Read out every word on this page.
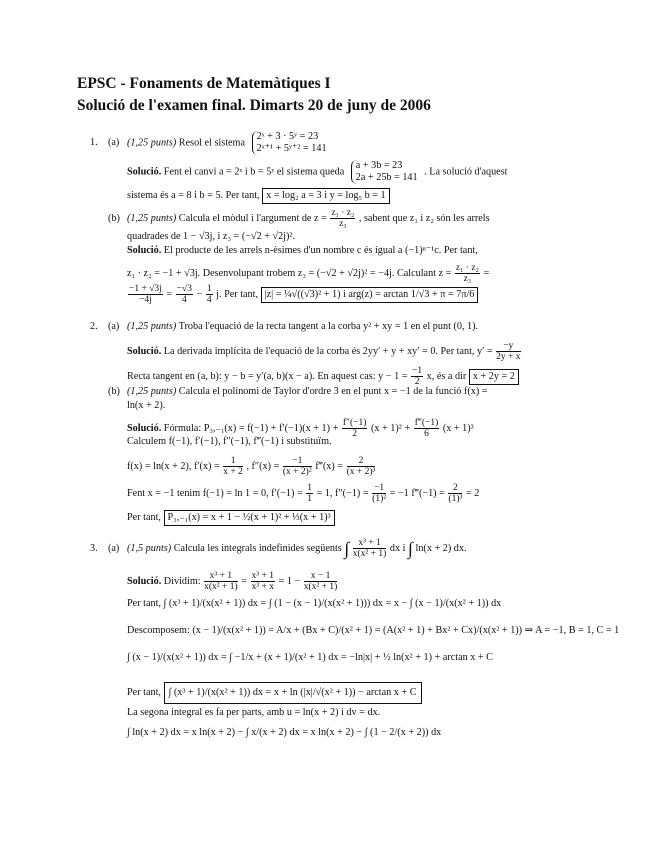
EPSC - Fonaments de Matemàtiques I
Solució de l'examen final. Dimarts 20 de juny de 2006
1. (a) (1,25 punts) Resol el sistema
2ˣ + 3 · 5ʸ = 23
2ˣ⁺¹ + 5ʸ⁺² = 141
Solució. Fent el canvi a = 2ˣ i b = 5ʸ el sistema queda
a + 3b = 23
2a + 25b = 141
. La solució d'aquest
sistema és a = 8 i b = 5. Per tant, x = log₂ a = 3 i y = log₅ b = 1
(b) (1,25 punts) Calcula el mòdul i l'argument de $z = \frac{\text{z₁ · z₂}}{\text{z₃}}$ , sabent que z₁ i z₂ són les arrels
quadrades de 1 − √3j, i z₃ = (−√2 + √2j)².
Solució. El producte de les arrels n-èsimes d'un nombre c és igual a (−1)ⁿ⁻¹c. Per tant,
z₁ · z₂ = −1 + √3j. Desenvolupant trobem z₃ = (−√2 + √2j)² = −4j. Calculant $z = \frac{\text{z₁ · z₂}}{\text{z₃}}$ =
$\frac{-1 + √3j}{-4j} = \frac{-√3}{4} - \frac{1}{4} j$. Per tant, |z| = ¼√((√3)² + 1) i arg(z) = arctan 1/√3 + π = 7π/6
2. (a) (1,25 punts) Troba l'equació de la recta tangent a la corba y² + xy = 1 en el punt (0, 1).
Solució. La derivada implícita de l'equació de la corba és 2yy′ + y + xy′ = 0. Per tant, $y' = \frac{-y}{2y + x}$
Recta tangent en (a, b): y − b = y′(a, b)(x − a). En aquest cas: $y - 1 = \frac{-1}{2} x$, és a dir x + 2y = 2
(b) (1,25 punts) Calcula el polinomi de Taylor d'ordre 3 en el punt x = −1 de la funció f(x) =
ln(x + 2).
Solució. Fórmula: $P_3,_{-1}(x) = f(-1) + f'(-1)(x + 1) + \frac{f''(-1)}{2} (x + 1)^2 + \frac{f‴(-1)}{6} (x + 1)^3$
Calculem f(−1), f′(−1), f″(−1), f‴(−1) i substituïm.
f(x) = ln(x + 2), $f'(x) = \frac{1}{x + 2}$ , $f''(x) = \frac{-1}{\text{(x + 2)²}}$ f‴(x) = $\frac{2}{\text{(x + 2)³}}$
Fent x = −1 tenim f(−1) = ln 1 = 0, $f'(-1) = \frac{1}{1} = 1$, $f''(-1) = \frac{-1}{\text{(1)²}} = -1$ f‴(−1) = $\frac{2}{\text{(1)³}} = 2$
Per tant, P₃,₋₁(x) = x + 1 − ½(x + 1)² + ⅓(x + 1)³
3. (a) (1,5 punts) Calcula les integrals indefinides següents ∫ $\frac{\text{x³ + 1}}{\text{x(x² + 1)}}$ dx i ∫ ln(x + 2) dx.
Solució. Dividim: $\frac{\text{x³ + 1}}{\text{x(x² + 1)}} = \frac{\text{x³ + 1}}{\text{x³ + x}} = 1 - \frac{x - 1}{\text{x(x² + 1)}}$
Per tant, ∫ (x³ + 1)/(x(x² + 1)) dx = ∫ (1 − (x − 1)/(x(x² + 1))) dx = x − ∫ (x − 1)/(x(x² + 1)) dx
Descomposem: (x − 1)/(x(x² + 1)) = A/x + (Bx + C)/(x² + 1) = (A(x² + 1) + Bx² + Cx)/(x(x² + 1)) ⇒ A = −1, B = 1, C = 1
∫ (x − 1)/(x(x² + 1)) dx = ∫ −1/x + (x + 1)/(x² + 1) dx = −ln|x| + ½ ln(x² + 1) + arctan x + C
Per tant, ∫ (x³ + 1)/(x(x² + 1)) dx = x + ln (|x|/√(x² + 1)) − arctan x + C
La segona integral es fa per parts, amb u = ln(x + 2) i dv = dx.
∫ ln(x + 2) dx = x ln(x + 2) − ∫ x/(x + 2) dx = x ln(x + 2) − ∫ (1 − 2/(x + 2)) dx
